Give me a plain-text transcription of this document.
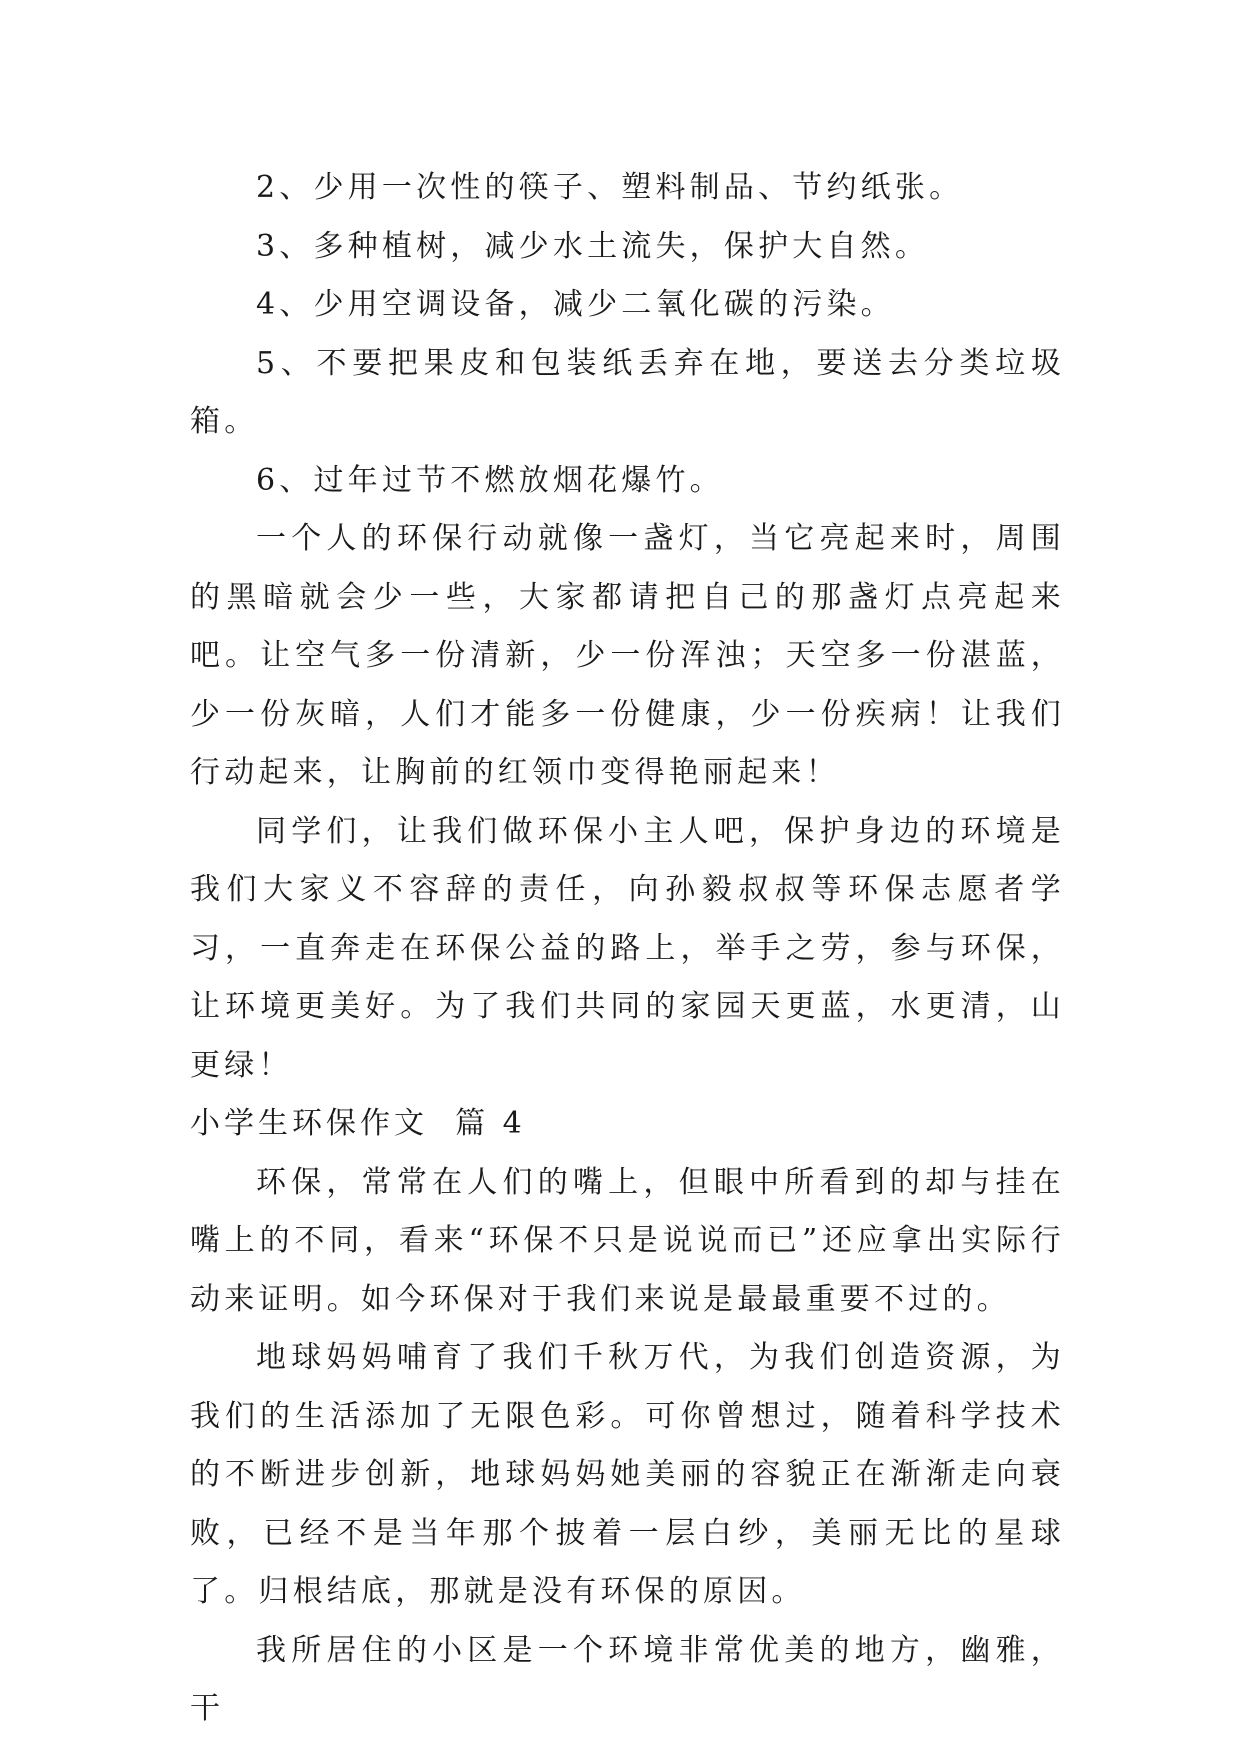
2、少用一次性的筷子、塑料制品、节约纸张。

3、多种植树，减少水土流失，保护大自然。

4、少用空调设备，减少二氧化碳的污染。

5、不要把果皮和包装纸丢弃在地，要送去分类垃圾箱。

6、过年过节不燃放烟花爆竹。

一个人的环保行动就像一盏灯，当它亮起来时，周围的黑暗就会少一些，大家都请把自己的那盏灯点亮起来吧。让空气多一份清新，少一份浑浊；天空多一份湛蓝，少一份灰暗，人们才能多一份健康，少一份疾病！让我们行动起来，让胸前的红领巾变得艳丽起来！

同学们，让我们做环保小主人吧，保护身边的环境是我们大家义不容辞的责任，向孙毅叔叔等环保志愿者学习，一直奔走在环保公益的路上，举手之劳，参与环保，让环境更美好。为了我们共同的家园天更蓝，水更清，山更绿！

小学生环保作文  篇 4

环保，常常在人们的嘴上，但眼中所看到的却与挂在嘴上的不同，看来“环保不只是说说而已”还应拿出实际行动来证明。如今环保对于我们来说是最最重要不过的。

地球妈妈哺育了我们千秋万代，为我们创造资源，为我们的生活添加了无限色彩。可你曾想过，随着科学技术的不断进步创新，地球妈妈她美丽的容貌正在渐渐走向衰败，已经不是当年那个披着一层白纱，美丽无比的星球了。归根结底，那就是没有环保的原因。

我所居住的小区是一个环境非常优美的地方，幽雅，干
